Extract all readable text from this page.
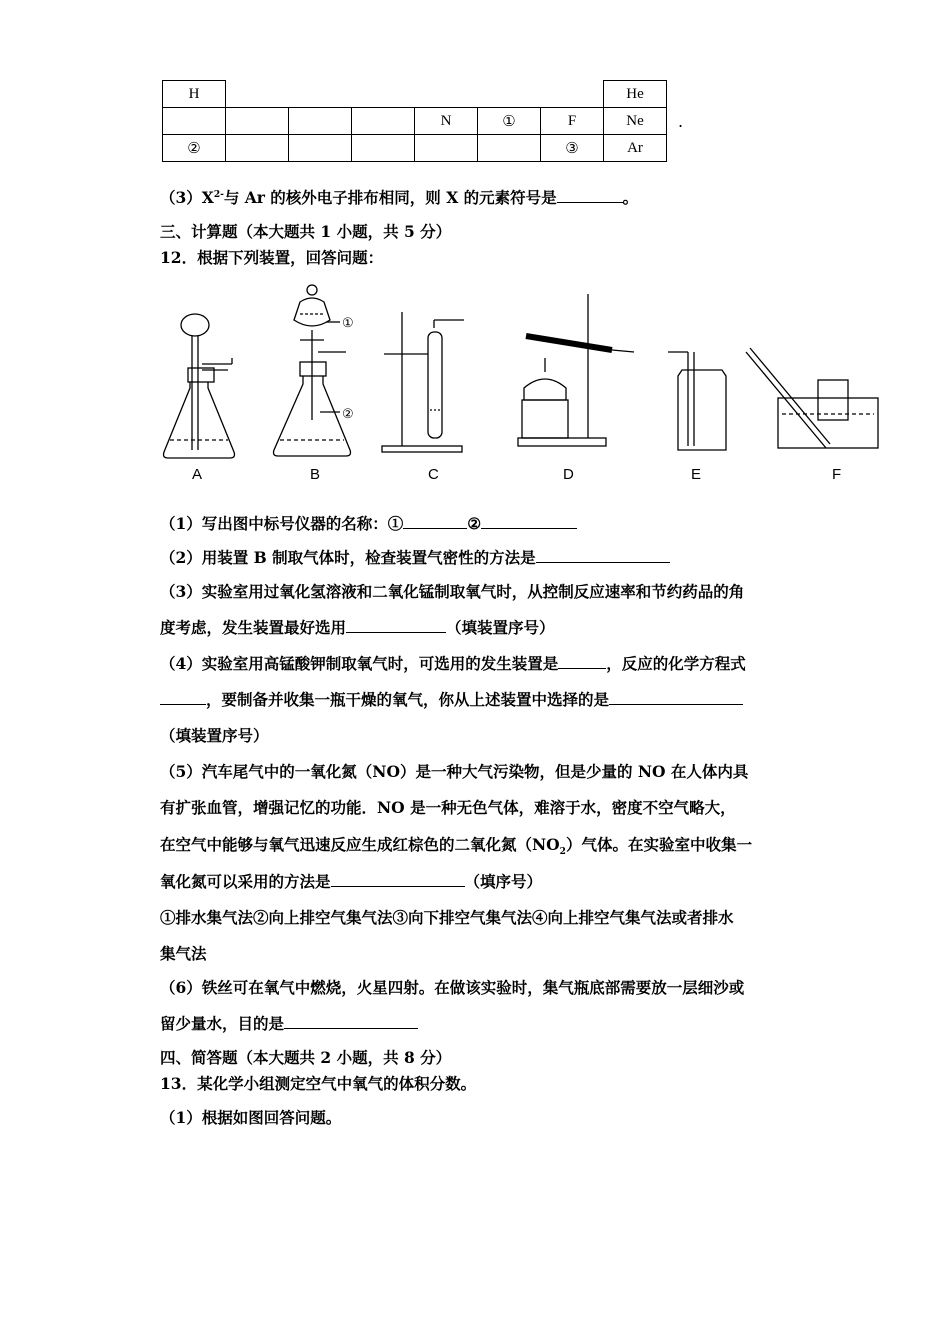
H							He
				N	①	F	Ne
②						③	Ar
.
$(3)X^{2-}$与 Ar 的核外电子排布相同，则 X 的元素符号是	。
三、计算题（本大题共 1 小题，共 5 分）
12．根据下列装置，回答问题：
①
②
A	B	C	D	E	F
（1）写出图中标号仪器的名称：①	②
（2）用装置 B 制取气体时，检查装置气密性的方法是
（3）实验室用过氧化氢溶液和二氧化锰制取氧气时，从控制反应速率和节约药品的角
度考虑，发生装置最好选用	（填装置序号）
（4）实验室用高锰酸钾制取氧气时，可选用的发生装置是	，反应的化学方程式
，要制备并收集一瓶干燥的氧气，你从上述装置中选择的是
（填装置序号）
（5）汽车尾气中的一氧化氮（NO）是一种大气污染物，但是少量的 NO 在人体内具
有扩张血管，增强记忆的功能．NO 是一种无色气体，难溶于水，密度不空气略大，
在空气中能够与氧气迅速反应生成红棕色的二氧化氮$(NO_2)$气体。在实验室中收集一
氧化氮可以采用的方法是	（填序号）
①排水集气法②向上排空气集气法③向下排空气集气法④向上排空气集气法或者排水
集气法
（6）铁丝可在氧气中燃烧，火星四射。在做该实验时，集气瓶底部需要放一层细沙或
留少量水，目的是
四、简答题（本大题共 2 小题，共 8 分）
13．某化学小组测定空气中氧气的体积分数。
（1）根据如图回答问题。
